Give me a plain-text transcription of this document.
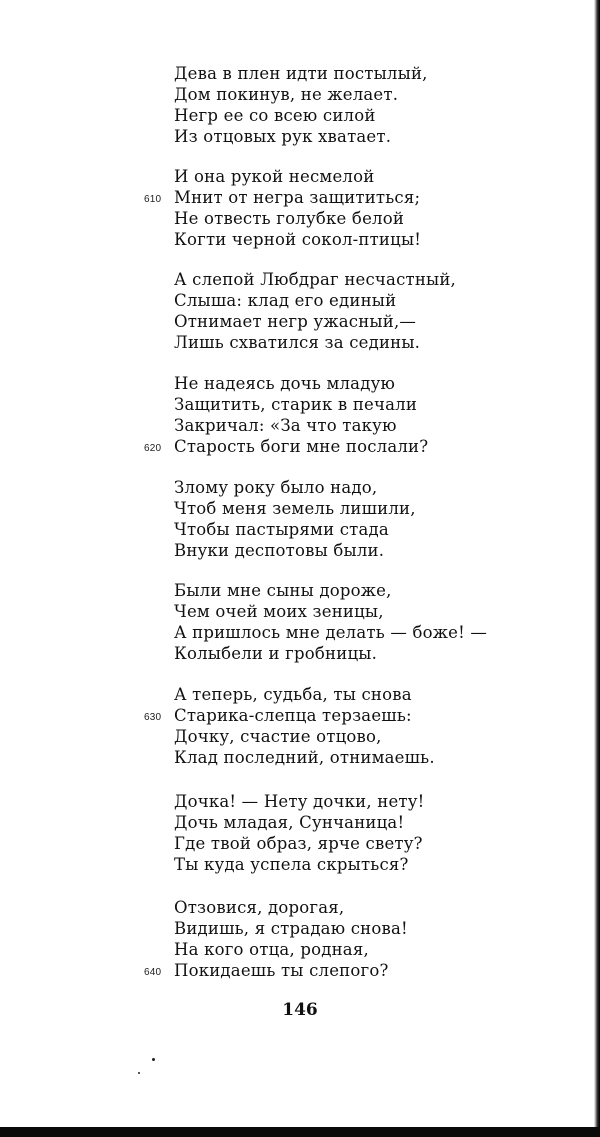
Дева в плен идти постылый,
Дом покинув, не желает.
Негр ее со всею силой
Из отцовых рук хватает.
И она рукой несмелой
610 Мнит от негра защититься;
Не отвесть голубке белой
Когти черной сокол-птицы!
А слепой Любдраг несчастный,
Слыша: клад его единый
Отнимает негр ужасный,—
Лишь схватился за седины.
Не надеясь дочь младую
Защитить, старик в печали
Закричал: «За что такую
620 Старость боги мне послали?
Злому року было надо,
Чтоб меня земель лишили,
Чтобы пастырями стада
Внуки деспотовы были.
Были мне сыны дороже,
Чем очей моих зеницы,
А пришлось мне делать — боже! —
Колыбели и гробницы.
А теперь, судьба, ты снова
630 Старика-слепца терзаешь:
Дочку, счастие отцово,
Клад последний, отнимаешь.
Дочка! — Нету дочки, нету!
Дочь младая, Сунчаница!
Где твой образ, ярче свету?
Ты куда успела скрыться?
Отзовися, дорогая,
Видишь, я страдаю снова!
На кого отца, родная,
640 Покидаешь ты слепого?
146
